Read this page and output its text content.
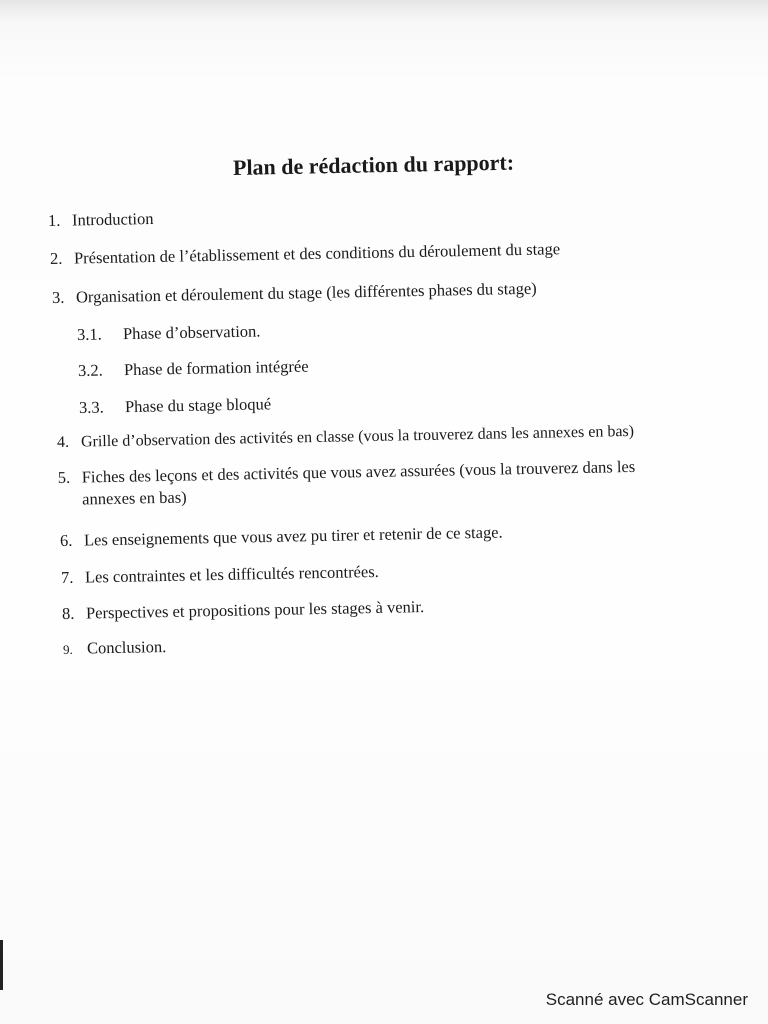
Plan de rédaction du rapport:
1. Introduction
2. Présentation de l’établissement et des conditions du déroulement du stage
3. Organisation et déroulement du stage (les différentes phases du stage)
3.1. Phase d’observation.
3.2. Phase de formation intégrée
3.3. Phase du stage bloqué
4. Grille d’observation des activités en classe (vous la trouverez dans les annexes en bas)
5. Fiches des leçons et des activités que vous avez assurées (vous la trouverez dans les
annexes en bas)
6. Les enseignements que vous avez pu tirer et retenir de ce stage.
7. Les contraintes et les difficultés rencontrées.
8. Perspectives et propositions pour les stages à venir.
9. Conclusion.
Scanné avec CamScanner
